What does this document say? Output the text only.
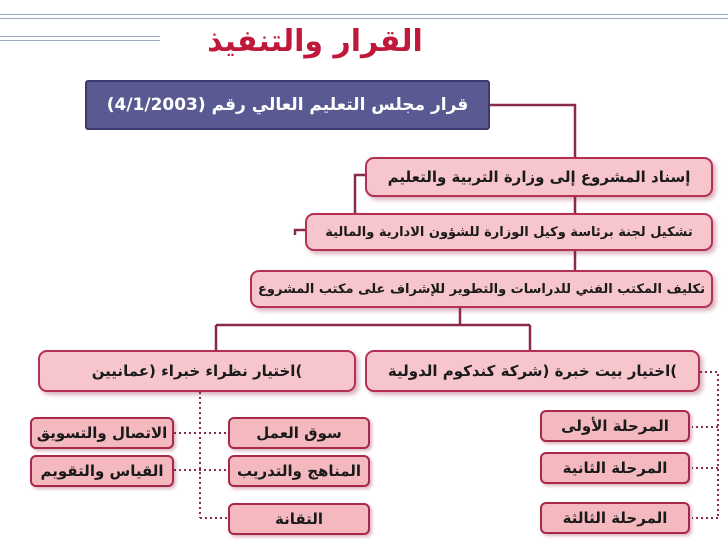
القرار والتنفيذ
قرار مجلس التعليم العالي رقم (4/1/2003)
إسناد المشروع إلى وزارة التربية والتعليم
تشكيل لجنة برئاسة وكيل الوزارة للشؤون الادارية والمالية
تكليف المكتب الفني للدراسات والتطوير للإشراف على مكتب المشروع
)اختيار بيت خبرة (شركة كندكوم الدولية
)اختيار نظراء خبراء (عمانيين
المرحلة الأولى
المرحلة الثانية
المرحلة الثالثة
سوق العمل
المناهج والتدريب
التقانة
الاتصال والتسويق
القياس والتقويم
